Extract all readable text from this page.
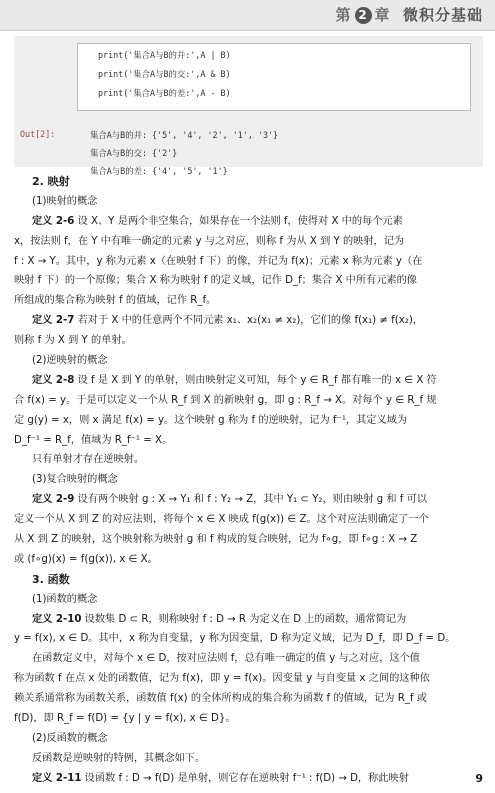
第 2 章 微积分基础
print('集合A与B的并:',A | B)
print('集合A与B的交:',A & B)
print('集合A与B的差:',A - B)
Out[2]:	集合A与B的并: {'5', '4', '2', '1', '3'}
集合A与B的交: {'2'}
集合A与B的差: {'4', '5', '1'}
2. 映射
(1)映射的概念
定义 2-6 设 X、Y 是两个非空集合，如果存在一个法则 f，使得对 X 中的每个元素
x，按法则 f，在 Y 中有唯一确定的元素 y 与之对应，则称 f 为从 X 到 Y 的映射，记为
f : X → Y。其中，y 称为元素 x（在映射 f 下）的像，并记为 f(x)；元素 x 称为元素 y（在
映射 f 下）的一个原像；集合 X 称为映射 f 的定义域，记作 D_f；集合 X 中所有元素的像
所组成的集合称为映射 f 的值域，记作 R_f。
定义 2-7 若对于 X 中的任意两个不同元素 x₁、x₂(x₁ ≠ x₂)，它们的像 f(x₁) ≠ f(x₂)，
则称 f 为 X 到 Y 的单射。
(2)逆映射的概念
定义 2-8 设 f 是 X 到 Y 的单射，则由映射定义可知，每个 y ∈ R_f 都有唯一的 x ∈ X 符
合 f(x) = y。于是可以定义一个从 R_f 到 X 的新映射 g，即 g : R_f → X。对每个 y ∈ R_f 规
定 g(y) = x，则 x 满足 f(x) = y。这个映射 g 称为 f 的逆映射，记为 f⁻¹，其定义域为
D_f⁻¹ = R_f，值域为 R_f⁻¹ = X。
只有单射才存在逆映射。
(3)复合映射的概念
定义 2-9 设有两个映射 g : X → Y₁ 和 f : Y₂ → Z，其中 Y₁ ⊂ Y₂，则由映射 g 和 f 可以
定义一个从 X 到 Z 的对应法则，将每个 x ∈ X 映成 f(g(x)) ∈ Z。这个对应法则确定了一个
从 X 到 Z 的映射，这个映射称为映射 g 和 f 构成的复合映射，记为 f∘g，即 f∘g : X → Z
或 (f∘g)(x) = f(g(x)), x ∈ X。
3. 函数
(1)函数的概念
定义 2-10 设数集 D ⊂ R，则称映射 f : D → R 为定义在 D 上的函数，通常简记为
y = f(x), x ∈ D。其中，x 称为自变量，y 称为因变量，D 称为定义域，记为 D_f，即 D_f = D。
在函数定义中，对每个 x ∈ D，按对应法则 f，总有唯一确定的值 y 与之对应，这个值
称为函数 f 在点 x 处的函数值，记为 f(x)，即 y = f(x)。因变量 y 与自变量 x 之间的这种依
赖关系通常称为函数关系，函数值 f(x) 的全体所构成的集合称为函数 f 的值域，记为 R_f 或
f(D)，即 R_f = f(D) = {y | y = f(x), x ∈ D}。
(2)反函数的概念
反函数是逆映射的特例，其概念如下。
定义 2-11 设函数 f : D → f(D) 是单射，则它存在逆映射 f⁻¹ : f(D) → D，称此映射	9
